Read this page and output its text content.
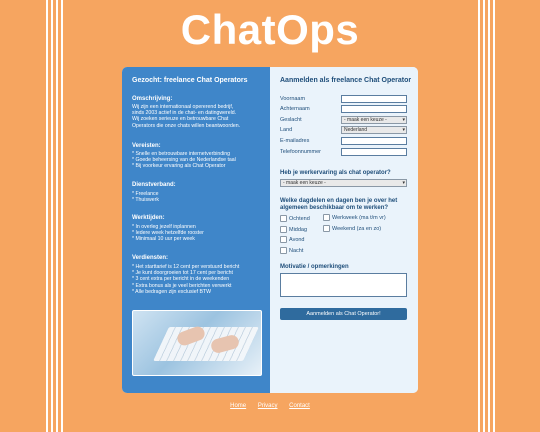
ChatOps
Gezocht: freelance Chat Operators
Omschrijving:
Wij zijn een internationaal opererend bedrijf,
sinds 2003 actief in de chat- en datingwereld.
Wij zoeken serieuze en betrouwbare Chat
Operators die onze chats willen beantwoorden.
Vereisten:
* Snelle en betrouwbare internetverbinding
* Goede beheersing van de Nederlandse taal
* Bij voorkeur ervaring als Chat Operator
Dienstverband:
* Freelance
* Thuiswerk
Werktijden:
* In overleg jezelf inplannen
* Iedere week hetzelfde rooster
* Minimaal 10 uur per week
Verdiensten:
* Het starttarief is 12 cent per verstuurd bericht
* Je kunt doorgroeien tot 17 cent per bericht
* 3 cent extra per bericht in de weekenden
* Extra bonus als je veel berichten verwerkt
* Alle bedragen zijn exclusief BTW
Aanmelden als freelance Chat Operator
Voornaam
Achternaam
Geslacht	- maak een keuze -	▾
Land	Nederland	▾
E-mailadres
Telefoonnummer
Heb je werkervaring als chat operator?
- maak een keuze -	▾
Welke dagdelen en dagen ben je over het algemeen beschikbaar om te werken?
Ochtend
Middag
Avond
Nacht
Werkweek (ma t/m vr)
Weekend (za en zo)
Motivatie / opmerkingen
Aanmelden als Chat Operator!
Home Privacy Contact
